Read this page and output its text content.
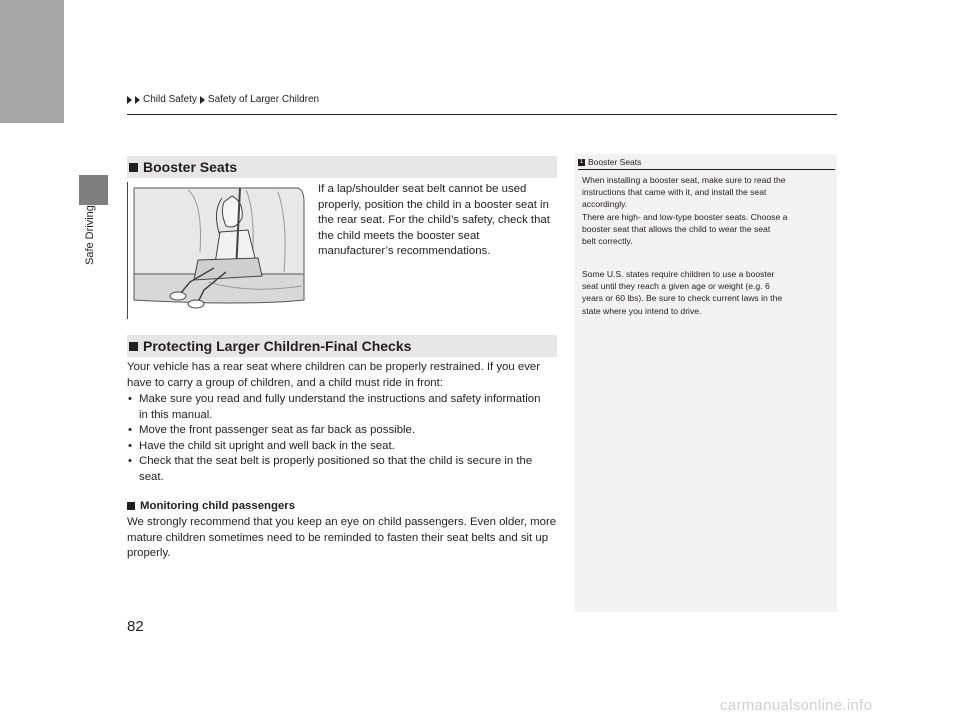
Safe Driving
Child Safety Safety of Larger Children
Booster Seats
If a lap/shoulder seat belt cannot be used
properly, position the child in a booster seat in
the rear seat. For the child’s safety, check that
the child meets the booster seat
manufacturer’s recommendations.
Protecting Larger Children-Final Checks
Your vehicle has a rear seat where children can be properly restrained. If you ever
have to carry a group of children, and a child must ride in front:
• Make sure you read and fully understand the instructions and safety information
in this manual.
• Move the front passenger seat as far back as possible.
• Have the child sit upright and well back in the seat.
• Check that the seat belt is properly positioned so that the child is secure in the
seat.
Monitoring child passengers
We strongly recommend that you keep an eye on child passengers. Even older, more
mature children sometimes need to be reminded to fasten their seat belts and sit up
properly.
1 Booster Seats
When installing a booster seat, make sure to read the
instructions that came with it, and install the seat
accordingly.
There are high- and low-type booster seats. Choose a
booster seat that allows the child to wear the seat
belt correctly.
Some U.S. states require children to use a booster
seat until they reach a given age or weight (e.g. 6
years or 60 lbs). Be sure to check current laws in the
state where you intend to drive.
82
carmanualsonline.info
